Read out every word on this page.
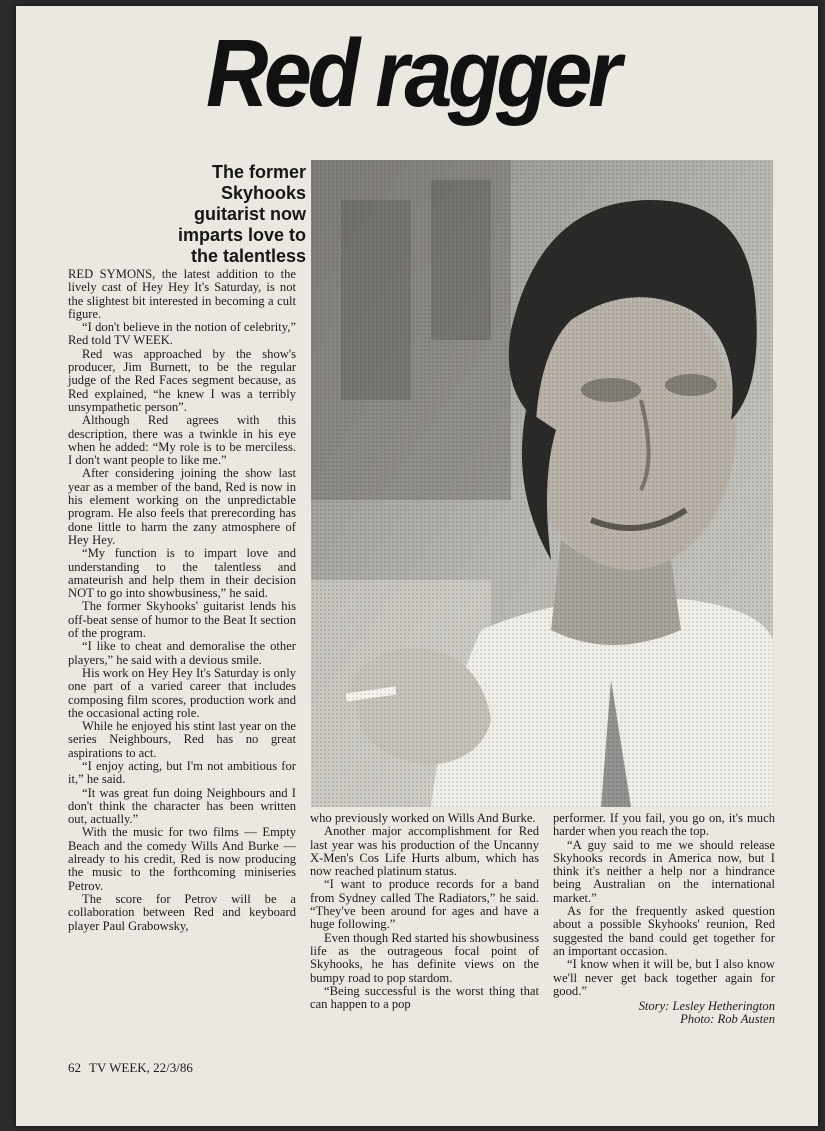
Red ragger
The former Skyhooks guitarist now imparts love to the talentless

RED SYMONS, the latest addition to the lively cast of Hey Hey It's Saturday, is not the slightest bit interested in becoming a cult figure.

“I don't believe in the notion of celebrity,” Red told TV WEEK.

Red was approached by the show's producer, Jim Burnett, to be the regular judge of the Red Faces segment because, as Red explained, “he knew I was a terribly unsympathetic person”.

Although Red agrees with this description, there was a twinkle in his eye when he added: “My role is to be merciless. I don't want people to like me.”

After considering joining the show last year as a member of the band, Red is now in his element working on the unpredictable program. He also feels that prerecording has done little to harm the zany atmosphere of Hey Hey.

“My function is to impart love and understanding to the talentless and amateurish and help them in their decision NOT to go into showbusiness,” he said.

The former Skyhooks' guitarist lends his off-beat sense of humor to the Beat It section of the program.

“I like to cheat and demoralise the other players,” he said with a devious smile.

His work on Hey Hey It's Saturday is only one part of a varied career that includes composing film scores, production work and the occasional acting role.

While he enjoyed his stint last year on the series Neighbours, Red has no great aspirations to act.

“I enjoy acting, but I'm not ambitious for it,” he said.

“It was great fun doing Neighbours and I don't think the character has been written out, actually.”

With the music for two films — Empty Beach and the comedy Wills And Burke — already to his credit, Red is now producing the music to the forthcoming miniseries Petrov.

The score for Petrov will be a collaboration between Red and keyboard player Paul Grabowsky,

who previously worked on Wills And Burke.

Another major accomplishment for Red last year was his production of the Uncanny X-Men's Cos Life Hurts album, which has now reached platinum status.

“I want to produce records for a band from Sydney called The Radiators,” he said. “They've been around for ages and have a huge following.”

Even though Red started his showbusiness life as the outrageous focal point of Skyhooks, he has definite views on the bumpy road to pop stardom.

“Being successful is the worst thing that can happen to a pop

performer. If you fail, you go on, it's much harder when you reach the top.

“A guy said to me we should release Skyhooks records in America now, but I think it's neither a help nor a hindrance being Australian on the international market.”

As for the frequently asked question about a possible Skyhooks' reunion, Red suggested the band could get together for an important occasion.

“I know when it will be, but I also know we'll never get back together again for good.”

Story: Lesley Hetherington
Photo: Rob Austen
62 TV WEEK, 22/3/86
